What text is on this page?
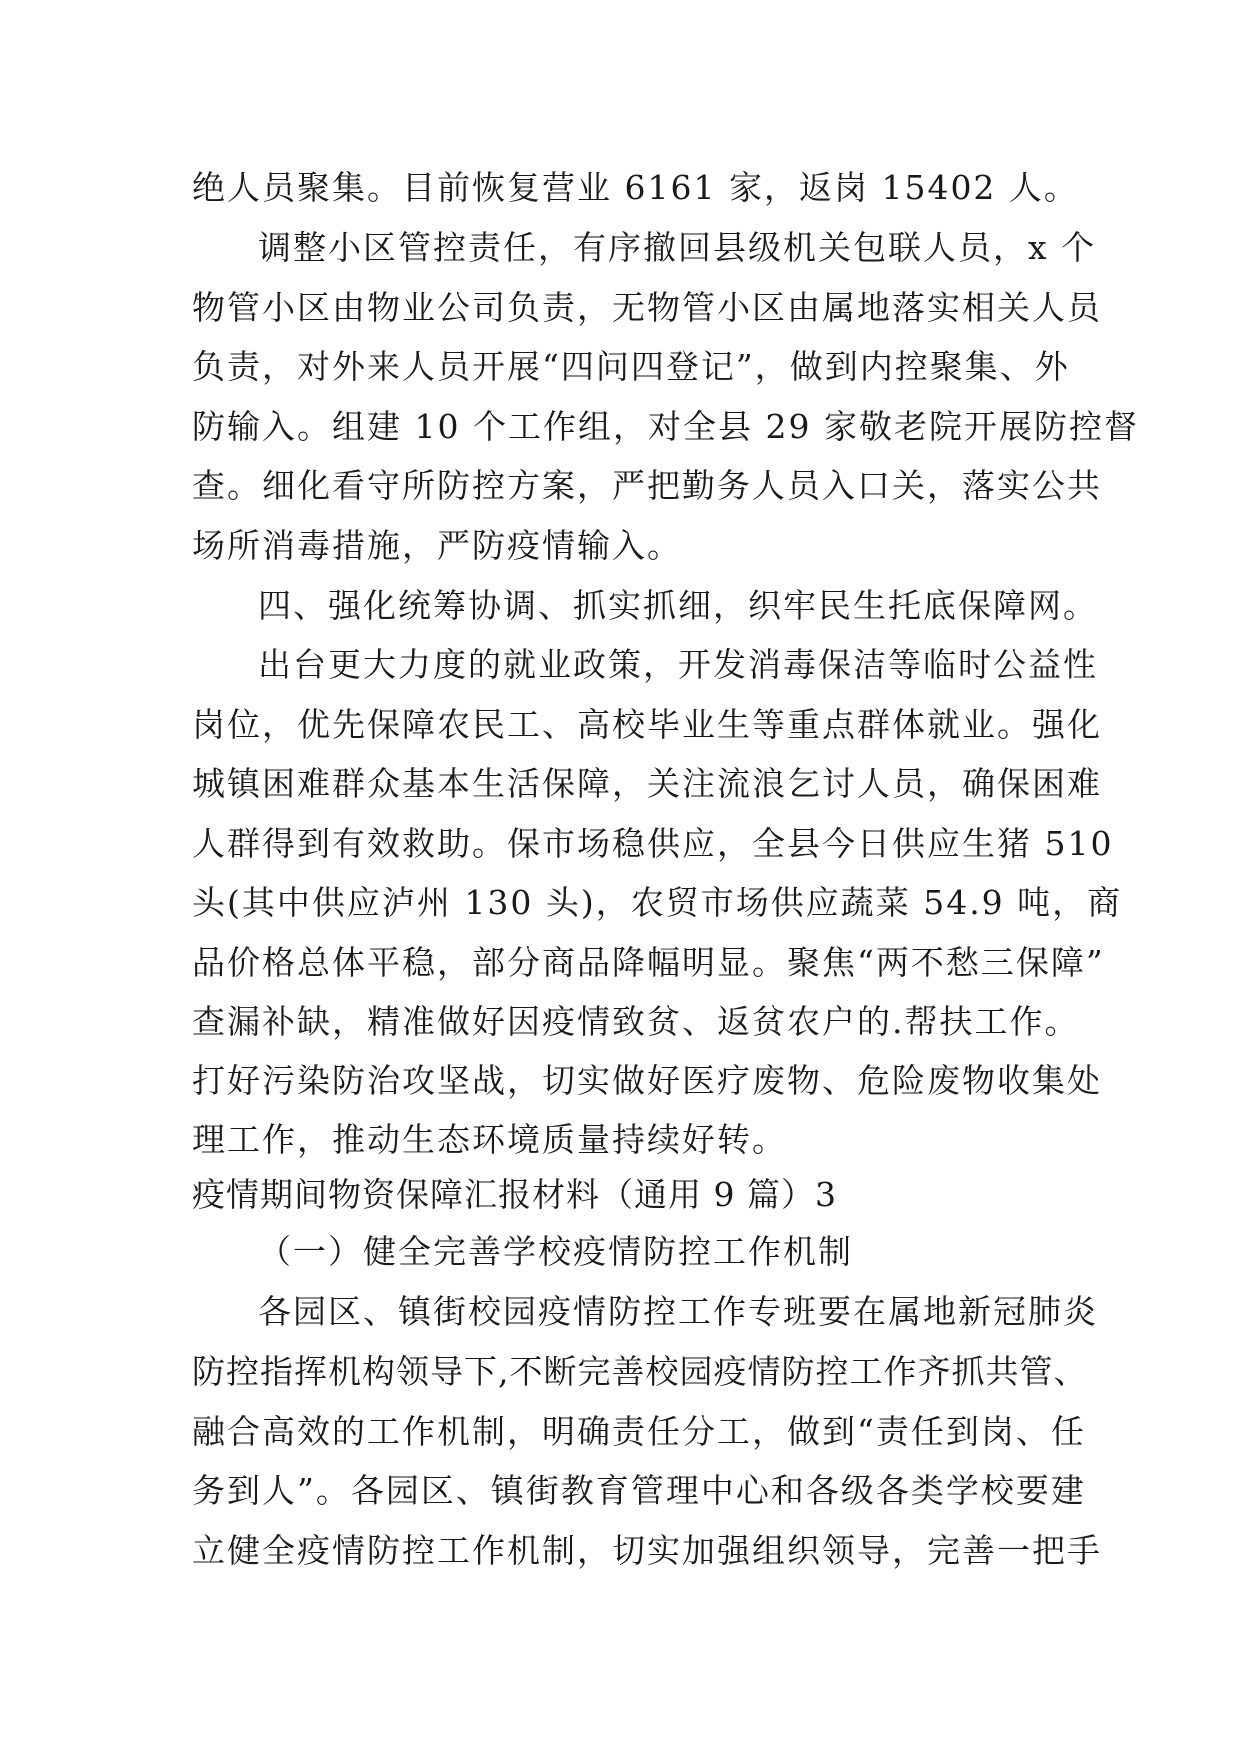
绝人员聚集。目前恢复营业 6161 家，返岗 15402 人。
调整小区管控责任，有序撤回县级机关包联人员，x 个
物管小区由物业公司负责，无物管小区由属地落实相关人员
负责，对外来人员开展“四问四登记”，做到内控聚集、外
防输入。组建 10 个工作组，对全县 29 家敬老院开展防控督
查。细化看守所防控方案，严把勤务人员入口关，落实公共
场所消毒措施，严防疫情输入。
四、强化统筹协调、抓实抓细，织牢民生托底保障网。
出台更大力度的就业政策，开发消毒保洁等临时公益性
岗位，优先保障农民工、高校毕业生等重点群体就业。强化
城镇困难群众基本生活保障，关注流浪乞讨人员，确保困难
人群得到有效救助。保市场稳供应，全县今日供应生猪 510
头(其中供应泸州 130 头)，农贸市场供应蔬菜 54.9 吨，商
品价格总体平稳，部分商品降幅明显。聚焦“两不愁三保障”
查漏补缺，精准做好因疫情致贫、返贫农户的.帮扶工作。
打好污染防治攻坚战，切实做好医疗废物、危险废物收集处
理工作，推动生态环境质量持续好转。
疫情期间物资保障汇报材料（通用 9 篇）3
（一）健全完善学校疫情防控工作机制
各园区、镇街校园疫情防控工作专班要在属地新冠肺炎
防控指挥机构领导下,不断完善校园疫情防控工作齐抓共管、
融合高效的工作机制，明确责任分工，做到“责任到岗、任
务到人”。各园区、镇街教育管理中心和各级各类学校要建
立健全疫情防控工作机制，切实加强组织领导，完善一把手
